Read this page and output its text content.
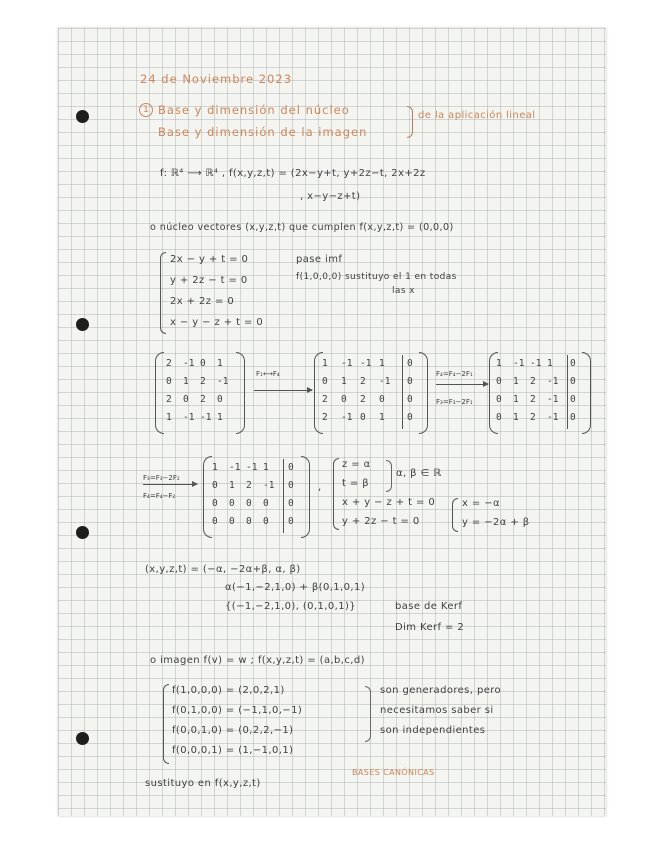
24 de Noviembre 2023
1 Base y dimensión del núcleo
Base y dimensión de la imagen
de la aplicación lineal
f: ℝ⁴ ⟶ ℝ⁴ , f(x,y,z,t) = (2x−y+t, y+2z−t, 2x+2z
, x−y−z+t)
o núcleo vectores (x,y,z,t) que cumplen f(x,y,z,t) = (0,0,0)
2x − y + t = 0
y + 2z − t = 0
2x + 2z = 0
x − y − z + t = 0
pase imf
f(1,0,0,0) sustituyo el 1 en todas
las x
2 -1 0 1
0 1 2 -1
2 0 2 0
1 -1 -1 1
F₁⟷F₄
1 -1 -1 1 0
0 1 2 -1 0
2 0 2 0 0
2 -1 0 1 0
F₄=F₄−2F₁
F₃=F₃−2F₁
1 -1 -1 1 0
0 1 2 -1 0
0 1 2 -1 0
0 1 2 -1 0
F₃=F₃−2F₂
F₄=F₄−F₂
1 -1 -1 1 0
0 1 2 -1 0
0 0 0 0 0
0 0 0 0 0
,
z = α
t = β
α, β ∈ ℝ
x + y − z + t = 0
y + 2z − t = 0
x = −α
y = −2α + β
(x,y,z,t) = (−α, −2α+β, α, β)
α(−1,−2,1,0) + β(0,1,0,1)
{(−1,−2,1,0), (0,1,0,1)}	base de Kerf
Dim Kerf = 2
o imagen f(v) = w ; f(x,y,z,t) = (a,b,c,d)
f(1,0,0,0) = (2,0,2,1)
f(0,1,0,0) = (−1,1,0,−1)
f(0,0,1,0) = (0,2,2,−1)
f(0,0,0,1) = (1,−1,0,1)
son generadores, pero
necesitamos saber si
son independientes
BASES CANÓNICAS
sustituyo en f(x,y,z,t)
